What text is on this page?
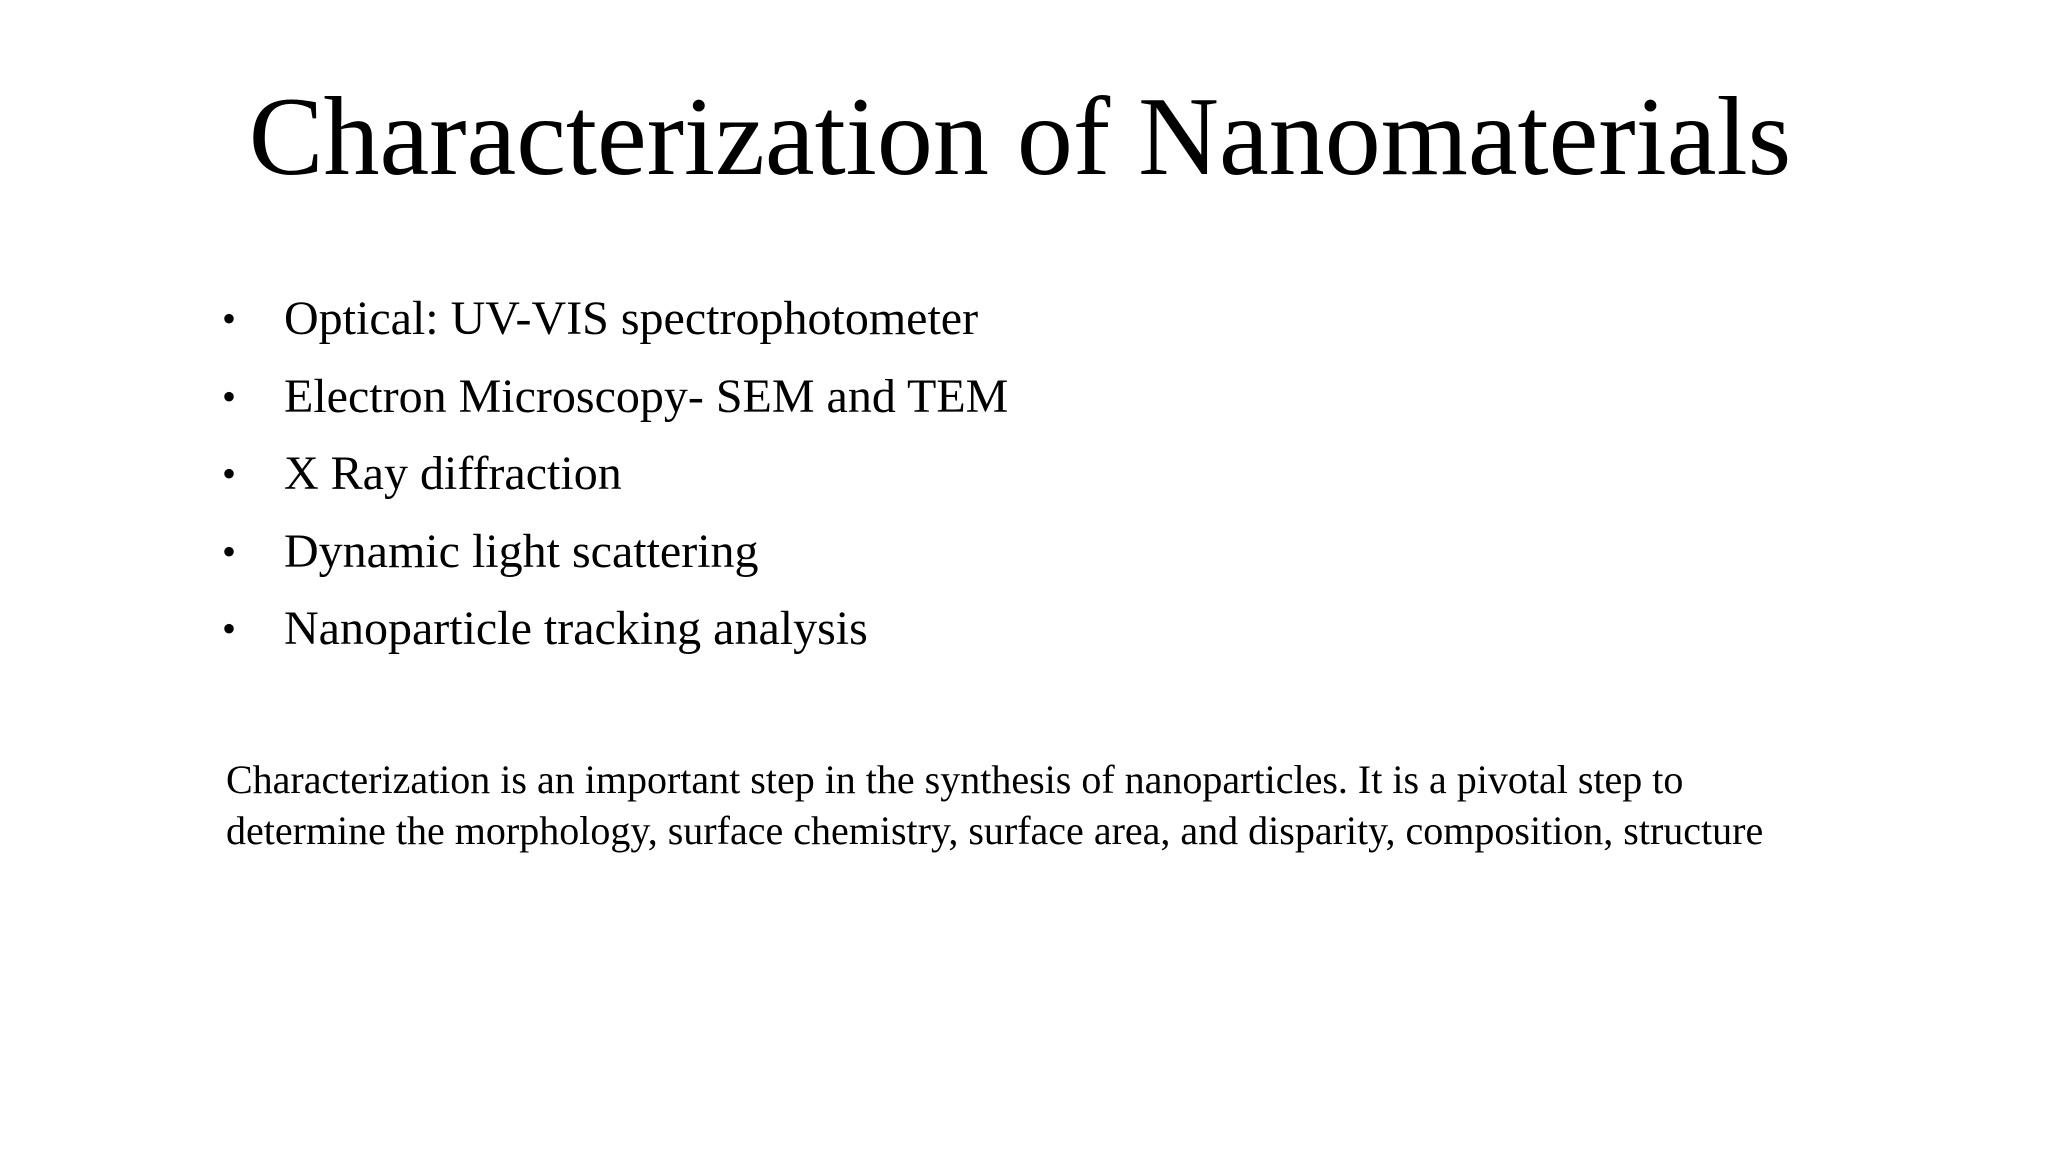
Characterization of Nanomaterials
• Optical: UV-VIS spectrophotometer
• Electron Microscopy- SEM and TEM
• X Ray diffraction
• Dynamic light scattering
• Nanoparticle tracking analysis

Characterization is an important step in the synthesis of nanoparticles. It is a pivotal step to determine the morphology, surface chemistry, surface area, and disparity, composition, structure
